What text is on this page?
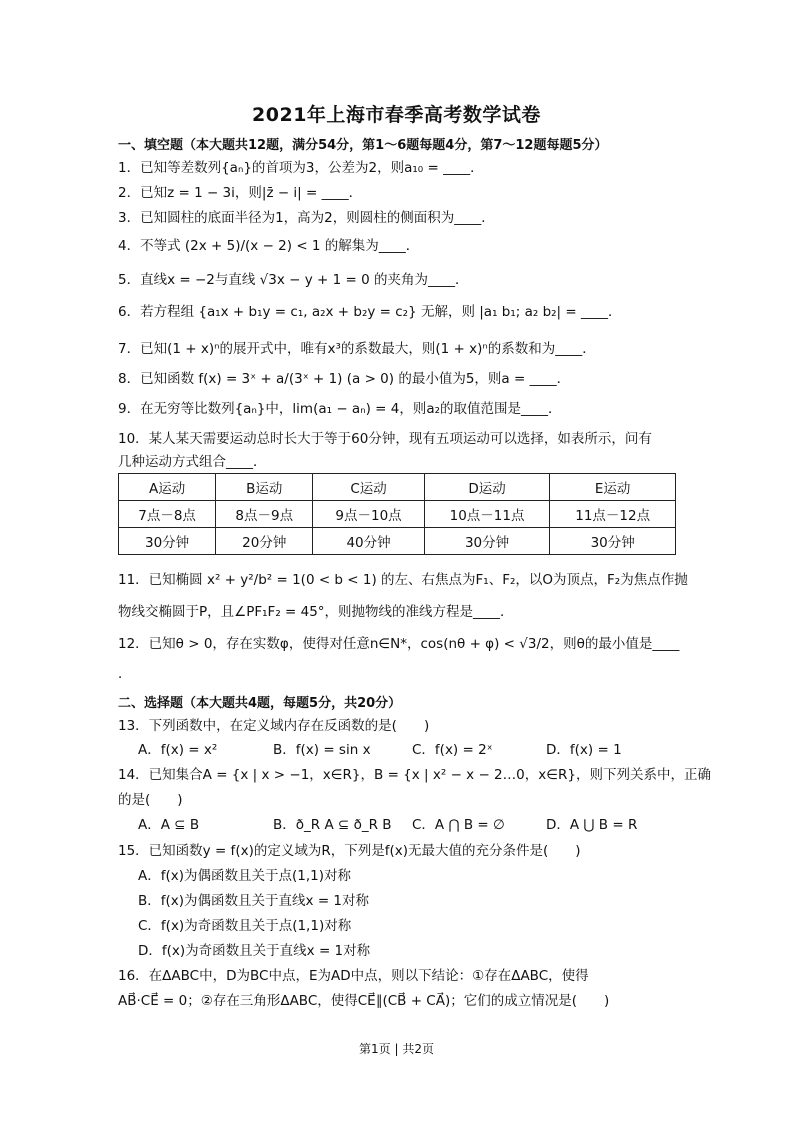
2021年上海市春季高考数学试卷
一、填空题（本大题共12题，满分54分，第1～6题每题4分，第7～12题每题5分）
1．已知等差数列{aₙ}的首项为3，公差为2，则a₁₀ = ____．
2．已知z = 1 − 3i，则|z̄ − i| = ____．
3．已知圆柱的底面半径为1，高为2，则圆柱的侧面积为____．
4．不等式 (2x + 5)/(x − 2) < 1 的解集为____．
5．直线x = −2与直线 √3x − y + 1 = 0 的夹角为____．
6．若方程组 {a₁x + b₁y = c₁, a₂x + b₂y = c₂} 无解，则 |a₁ b₁; a₂ b₂| = ____．
7．已知(1 + x)ⁿ的展开式中，唯有x³的系数最大，则(1 + x)ⁿ的系数和为____．
8．已知函数 f(x) = 3ˣ + a/(3ˣ + 1) (a > 0) 的最小值为5，则a = ____．
9．在无穷等比数列{aₙ}中，lim(a₁ − aₙ) = 4，则a₂的取值范围是____．
10．某人某天需要运动总时长大于等于60分钟，现有五项运动可以选择，如表所示，问有
几种运动方式组合____．
A运动	B运动	C运动	D运动	E运动
7点－8点	8点－9点	9点－10点	10点－11点	11点－12点
30分钟	20分钟	40分钟	30分钟	30分钟
11．已知椭圆 x² + y²/b² = 1(0 < b < 1) 的左、右焦点为F₁、F₂，以O为顶点，F₂为焦点作抛
物线交椭圆于P，且∠PF₁F₂ = 45°，则抛物线的准线方程是____．
12．已知θ > 0，存在实数φ，使得对任意n∈N*，cos(nθ + φ) < √3/2，则θ的最小值是____
．
二、选择题（本大题共4题，每题5分，共20分）
13．下列函数中，在定义域内存在反函数的是(　　)
A．f(x) = x²	B．f(x) = sin x	C．f(x) = 2ˣ	D．f(x) = 1
14．已知集合A = {x | x > −1，x∈R}，B = {x | x² − x − 2…0，x∈R}，则下列关系中，正确
的是(　　)
A．A ⊆ B	B．ð_R A ⊆ ð_R B C．A ⋂ B = ∅	D．A ⋃ B = R
15．已知函数y = f(x)的定义域为R，下列是f(x)无最大值的充分条件是(　　)
A．f(x)为偶函数且关于点(1,1)对称
B．f(x)为偶函数且关于直线x = 1对称
C．f(x)为奇函数且关于点(1,1)对称
D．f(x)为奇函数且关于直线x = 1对称
16．在ΔABC中，D为BC中点，E为AD中点，则以下结论：①存在ΔABC，使得
AB⃗·CE⃗ = 0；②存在三角形ΔABC，使得CE⃗∥(CB⃗ + CA⃗)；它们的成立情况是(　　)
第1页 | 共2页
